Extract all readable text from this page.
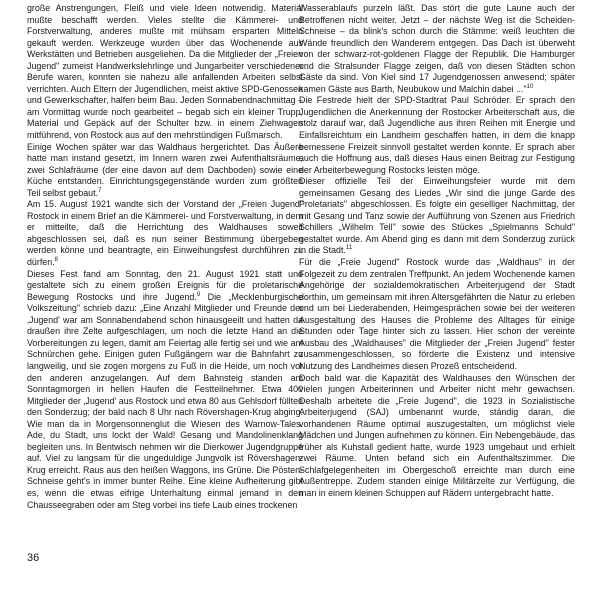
große Anstrengungen, Fleiß und viele Ideen notwendig. Material mußte beschafft werden. Vieles stellte die Kämmerei- und Forstverwaltung, anderes mußte mit mühsam ersparten Mitteln gekauft werden. Werkzeuge wurden über das Wochenende aus Werkstätten und Betrieben ausgeliehen. Da die Mitglieder der „Freien Jugend" zumeist Handwerkslehrlinge und Jungarbeiter verschiedener Berufe waren, konnten sie nahezu alle anfallenden Arbeiten selbst verrichten. Auch Eltern der Jugendlichen, meist aktive SPD-Genossen und Gewerkschafter, halfen beim Bau. Jeden Sonnabendnachmittag – am Vormittag wurde noch gearbeitet – begab sich ein kleiner Trupp, Material und Gepäck auf der Schulter bzw. in einem Ziehwagen mitführend, von Rostock aus auf den mehrstündigen Fußmarsch.

Einige Wochen später war das Waldhaus hergerichtet. Das Äußere hatte man instand gesetzt, im Innern waren zwei Aufenthaltsräume, zwei Schlafräume (der eine davon auf dem Dachboden) sowie eine Küche entstanden. Einrichtungsgegenstände wurden zum größten Teil selbst gebaut.$^7$

Am 15. August 1921 wandte sich der Vorstand der „Freien Jugend" Rostock in einem Brief an die Kämmerei- und Forstverwaltung, in dem er mitteilte, daß die Herrichtung des Waldhauses soweit abgeschlossen sei, daß es nun seiner Bestimmung übergeben werden könne und beantragte, ein Einweihungsfest durchführen zu dürfen.$^8$

Dieses Fest fand am Sonntag, den 21. August 1921 statt und gestaltete sich zu einem großen Ereignis für die proletarische Bewegung Rostocks und ihre Jugend.$^9$ Die „Mecklenburgische Volkszeitung" schrieb dazu: „Eine Anzahl Mitglieder und Freunde der ‚Jugend' war am Sonnabendabend schon hinausgeeilt und hatten da draußen ihre Zelte aufgeschlagen, um noch die letzte Hand an die Vorbereitungen zu legen, damit am Feiertag alle fertig sei und wie am Schnürchen gehe. Einigen guten Fußgängern war die Bahnfahrt zu langweilig, und sie zogen morgens zu Fuß in die Heide, um noch vor den anderen anzugelangen. Auf dem Bahnsteig standen am Sonntagmorgen in hellen Haufen die Festteilnehmer. Etwa 400 Mitglieder der ‚Jugend' aus Rostock und etwa 80 aus Gehlsdorf füllten den Sonderzug; der bald nach 8 Uhr nach Rövershagen-Krug abging. Wie man da in Morgensonnenglut die Wiesen des Warnow-Tales. Ade, du Stadt, uns lockt der Wald! Gesang und Mandolinenklang begleiten uns. In Bentwisch nehmen wir die Dierkower Jugendgruppe auf. Viel zu langsam für die ungeduldige Jungvolk ist Rövershagen-Krug erreicht. Raus aus den heißen Waggons, ins Grüne. Die Pösten-Schneise geht's in immer bunter Reihe. Eine kleine Aufheiterung gibt es, wenn die etwas eifrige Unterhaltung einmal jemand in den Chausseegraben oder am Steg vorbei ins tiefe Laub eines trockenen

Wasserablaufs purzeln läßt. Das stört die gute Laune auch der Betroffenen nicht weiter. Jetzt – der nächste Weg ist die Scheiden-Schneise – da blink's schon durch die Stämme: weiß leuchten die Wände freundlich den Wanderern entgegen. Das Dach ist überweht von der schwarz-rot-goldenen Flagge der Republik. Die Hamburger und die Stralsunder Flagge zeigen, daß von diesen Städten schon Gäste da sind. Von Kiel sind 17 Jugendgenossen anwesend; später kamen Gäste aus Barth, Neubukow und Malchin dabei ..."$^{10}$

Die Festrede hielt der SPD-Stadtrat Paul Schröder. Er sprach den Jugendlichen die Anerkennung der Rostocker Arbeiterschaft aus, die stolz darauf war, daß Jugendliche aus ihren Reihen mit Energie und Einfallsreichtum ein Landheim geschaffen hatten, in dem die knapp bemessene Freizeit sinnvoll gestaltet werden konnte. Er sprach aber auch die Hoffnung aus, daß dieses Haus einen Beitrag zur Festigung der Arbeiterbewegung Rostocks leisten möge.

Dieser offizielle Teil der Einweihungsfeier wurde mit dem gemeinsamen Gesang des Liedes „Wir sind die junge Garde des Proletariats" abgeschlossen. Es folgte ein geselliger Nachmittag, der mit Gesang und Tanz sowie der Aufführung von Szenen aus Friedrich Schillers „Wilhelm Tell" sowie des Stückes „Spielmanns Schuld" gestaltet wurde. Am Abend ging es dann mit dem Sonderzug zurück in die Stadt.$^{11}$

Für die „Freie Jugend" Rostock wurde das „Waldhaus" in der Folgezeit zu dem zentralen Treffpunkt. An jedem Wochenende kamen Angehörige der sozialdemokratischen Arbeiterjugend der Stadt dorthin, um gemeinsam mit ihren Altersgefährten die Natur zu erleben und um bei Liederabenden, Heimgesprächen sowie bei der weiteren Ausgestaltung des Hauses die Probleme des Alltages für einige Stunden oder Tage hinter sich zu lassen. Hier schon der vereinte Ausbau des „Waldhauses" die Mitglieder der „Freien Jugend" fester zusammengeschlossen, so förderte die Existenz und intensive Nutzung des Landheimes diesen Prozeß entscheidend.

Doch bald war die Kapazität des Waldhauses den Wünschen der vielen jungen Arbeiterinnen und Arbeiter nicht mehr gewachsen. Deshalb arbeitete die „Freie Jugend", die 1923 in Sozialistische Arbeiterjugend (SAJ) umbenannt wurde, ständig daran, die vorhandenen Räume optimal auszugestalten, um möglichst viele Mädchen und Jungen aufnehmen zu können. Ein Nebengebäude, das früher als Kuhstall gedient hatte, wurde 1923 umgebaut und erhielt zwei Räume. Unten befand sich ein Aufenthaltszimmer. Die Schlafgelegenheiten im Obergeschoß erreichte man durch eine Außentreppe. Zudem standen einige Militärzelte zur Verfügung, die man in einem kleinen Schuppen auf Rädern untergebracht hatte.

36
